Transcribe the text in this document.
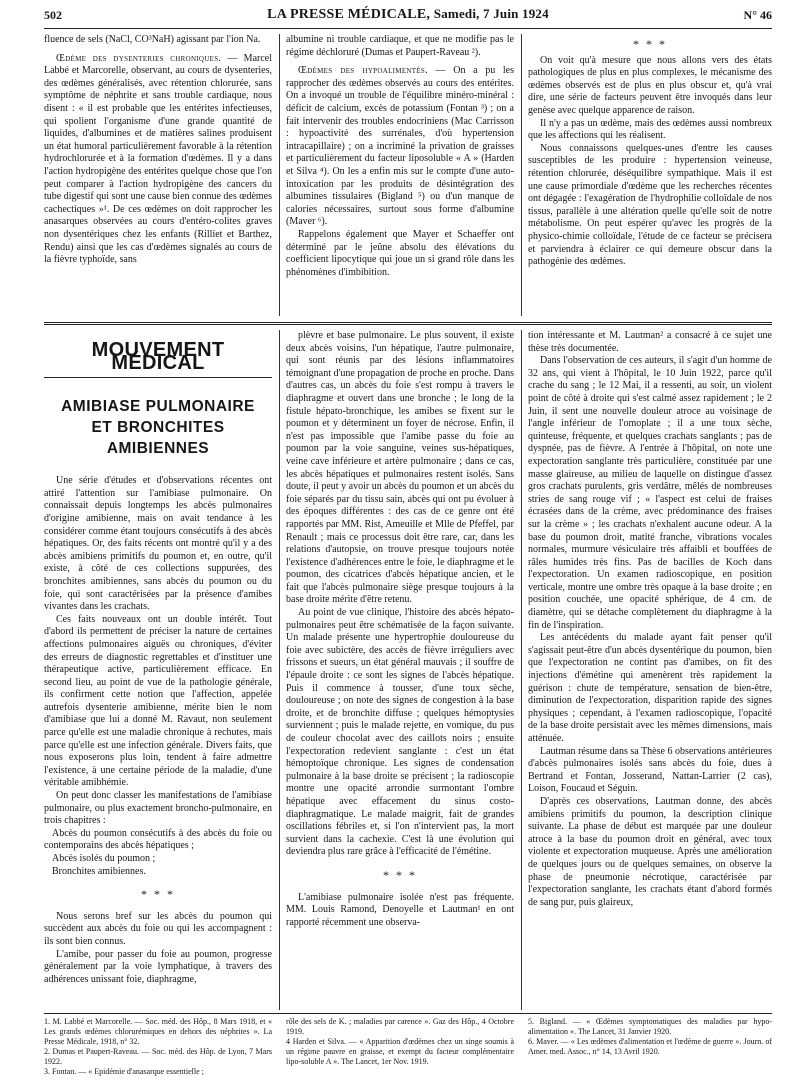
502	LA PRESSE MÉDICALE, Samedi, 7 Juin 1924	N° 46

fluence de sels (NaCl, CO³NaH) agissant par l'ion Na.

Œdème des dysenteries chroniques. — Marcel Labbé et Marcorelle, observant, au cours de dysenteries, des œdèmes généralisés, avec rétention chlorurée, sans symptôme de néphrite et sans trouble cardiaque, nous disent : « il est probable que les entérites infectieuses, qui spolient l'organisme d'une grande quantité de liquides, d'albumines et de matières salines produisent un état humoral particulièrement favorable à la rétention hydrochlorurée et à la formation d'œdèmes. Il y a dans l'action hydropigène des entérites quelque chose que l'on peut comparer à l'action hydropigène des cancers du tube digestif qui sont une cause bien connue des œdèmes cachectiques »¹. De ces œdèmes on doit rapprocher les anasarques observées au cours d'entéro-colites graves non dysentériques chez les enfants (Rilliet et Barthez, Rendu) ainsi que les cas d'œdèmes signalés au cours de la fièvre typhoïde, sans

albumine ni trouble cardiaque, et que ne modifie pas le régime déchloruré (Dumas et Paupert-Raveau ²).

Œdèmes des hypoalimentés. — On a pu les rapprocher des œdèmes observés au cours des entérites. On a invoqué un trouble de l'équilibre minéro-minéral : déficit de calcium, excès de potassium (Fontan ³) ; on a fait intervenir des troubles endocriniens (Mac Carrisson : hypoactivité des surrénales, d'où hypertension intracapillaire) ; on a incriminé la privation de graisses et particulièrement du facteur liposoluble « A » (Harden et Silva ⁴). On les a enfin mis sur le compte d'une auto-intoxication par les produits de désintégration des albumines tissulaires (Bigland ⁵) ou d'un manque de calories nécessaires, surtout sous forme d'albumine (Maver ⁶).

Rappelons également que Mayer et Schaeffer ont déterminé par le jeûne absolu des élévations du coefficient lipocytique qui joue un si grand rôle dans les phénomènes d'imbibition.

* * *

On voit qu'à mesure que nous allons vers des états pathologiques de plus en plus complexes, le mécanisme des œdèmes observés est de plus en plus obscur et, qu'à vrai dire, une série de facteurs peuvent être invoqués dans leur genèse avec quelque apparence de raison.

Il n'y a pas un œdème, mais des œdèmes aussi nombreux que les affections qui les réalisent.

Nous connaissons quelques-unes d'entre les causes susceptibles de les produire : hypertension veineuse, rétention chlorurée, déséquilibre sympathique. Mais il est une cause primordiale d'œdème que les recherches récentes ont dégagée : l'exagération de l'hydrophilie colloïdale de nos tissus, parallèle à une altération quelle qu'elle soit de notre métabolisme. On peut espérer qu'avec les progrès de la physico-chimie colloïdale, l'étude de ce facteur se précisera et parviendra à éclairer ce qui demeure obscur dans la pathogénie des œdèmes.

MOUVEMENT MÉDICAL
AMIBIASE PULMONAIRE
ET BRONCHITES AMIBIENNES

Une série d'études et d'observations récentes ont attiré l'attention sur l'amibiase pulmonaire. On connaissait depuis longtemps les abcès pulmonaires d'origine amibienne, mais on avait tendance à les considérer comme étant toujours consécutifs à des abcès hépatiques. Or, des faits récents ont montré qu'il y a des abcès amibiens primitifs du poumon et, en outre, qu'il existe, à côté de ces collections suppurées, des bronchites amibiennes, sans abcès du poumon ou du foie, qui sont caractérisées par la présence d'amibes vivantes dans les crachats.

Ces faits nouveaux ont un double intérêt. Tout d'abord ils permettent de préciser la nature de certaines affections pulmonaires aiguës ou chroniques, d'éviter des erreurs de diagnostic regrettables et d'instituer une thérapeutique active, particulièrement efficace. En second lieu, au point de vue de la pathologie générale, ils confirment cette notion que l'affection, appelée autrefois dysenterie amibienne, mérite bien le nom d'amibiase que lui a donné M. Ravaut, non seulement parce qu'elle est une maladie chronique à rechutes, mais parce qu'elle est une infection générale. Divers faits, que nous exposerons plus loin, tendent à faire admettre l'existence, à une certaine période de la maladie, d'une véritable amibhémie.

On peut donc classer les manifestations de l'amibiase pulmonaire, ou plus exactement broncho-pulmonaire, en trois chapitres :

Abcès du poumon consécutifs à des abcès du foie ou contemporains des abcès hépatiques ;

Abcès isolés du poumon ;

Bronchites amibiennes.

* * *

Nous serons bref sur les abcès du poumon qui succèdent aux abcès du foie ou qui les accompagnent : ils sont bien connus.

L'amibe, pour passer du foie au poumon, progresse généralement par la voie lymphatique, à travers des adhérences unissant foie, diaphragme,

plèvre et base pulmonaire. Le plus souvent, il existe deux abcès voisins, l'un hépatique, l'autre pulmonaire, qui sont réunis par des lésions inflammatoires témoignant d'une propagation de proche en proche. Dans d'autres cas, un abcès du foie s'est rompu à travers le diaphragme et ouvert dans une bronche ; le long de la fistule hépato-bronchique, les amibes se fixent sur le poumon et y déterminent un foyer de nécrose. Enfin, il n'est pas impossible que l'amibe passe du foie au poumon par la voie sanguine, veines sus-hépatiques, veine cave inférieure et artère pulmonaire ; dans ce cas, les abcès hépatiques et pulmonaires restent isolés. Sans doute, il peut y avoir un abcès du poumon et un abcès du foie séparés par du tissu sain, abcès qui ont pu évoluer à des époques différentes : des cas de ce genre ont été rapportés par MM. Rist, Ameuille et Mlle de Pfeffel, par Renault ; mais ce processus doit être rare, car, dans les relations d'autopsie, on trouve presque toujours notée l'existence d'adhérences entre le foie, le diaphragme et le poumon, des cicatrices d'abcès hépatique ancien, et le fait que l'abcès pulmonaire siège presque toujours à la base droite mérite d'être retenu.

Au point de vue clinique, l'histoire des abcès hépato-pulmonaires peut être schématisée de la façon suivante. Un malade présente une hypertrophie douloureuse du foie avec subictère, des accès de fièvre irréguliers avec frissons et sueurs, un état général mauvais ; il souffre de l'épaule droite : ce sont les signes de l'abcès hépatique. Puis il commence à tousser, d'une toux sèche, douloureuse ; on note des signes de congestion à la base droite, et de bronchite diffuse ; quelques hémoptysies surviennent ; puis le malade rejette, en vomique, du pus de couleur chocolat avec des caillots noirs ; ensuite l'expectoration redevient sanglante : c'est un état hémoptoïque chronique. Les signes de condensation pulmonaire à la base droite se précisent ; la radioscopie montre une opacité arrondie surmontant l'ombre hépatique avec effacement du sinus costo-diaphragmatique. Le malade maigrit, fait de grandes oscillations fébriles et, si l'on n'intervient pas, la mort survient dans la cachexie. C'est là une évolution qui deviendra plus rare grâce à l'efficacité de l'émétine.

* * *

L'amibiase pulmonaire isolée n'est pas fréquente. MM. Louis Ramond, Denoyelle et Lautman¹ en ont rapporté récemment une observa-

tion intéressante et M. Lautman² a consacré à ce sujet une thèse très documentée.

Dans l'observation de ces auteurs, il s'agit d'un homme de 32 ans, qui vient à l'hôpital, le 10 Juin 1922, parce qu'il crache du sang ; le 12 Mai, il a ressenti, au soir, un violent point de côté à droite qui s'est calmé assez rapidement ; le 2 Juin, il sent une nouvelle douleur atroce au voisinage de l'angle inférieur de l'omoplate ; il a une toux sèche, quinteuse, fréquente, et quelques crachats sanglants ; pas de dyspnée, pas de fièvre. A l'entrée à l'hôpital, on note une expectoration sanglante très particulière, constituée par une masse glaireuse, au milieu de laquelle on distingue d'assez gros crachats purulents, gris verdâtre, mêlés de nombreuses stries de sang rouge vif ; « l'aspect est celui de fraises écrasées dans de la crème, avec prédominance des fraises sur la crème » ; les crachats n'exhalent aucune odeur. A la base du poumon droit, matité franche, vibrations vocales normales, murmure vésiculaire très affaibli et bouffées de râles humides très fins. Pas de bacilles de Koch dans l'expectoration. Un examen radioscopique, en position verticale, montre une ombre très opaque à la base droite ; en position couchée, une opacité sphérique, de 4 cm. de diamètre, qui se détache complètement du diaphragme à la fin de l'inspiration.

Les antécédents du malade ayant fait penser qu'il s'agissait peut-être d'un abcès dysentérique du poumon, bien que l'expectoration ne contint pas d'amibes, on fit des injections d'émétine qui amenèrent très rapidement la guérison : chute de température, sensation de bien-être, diminution de l'expectoration, disparition rapide des signes physiques ; cependant, à l'examen radioscopique, l'opacité de la base droite persistait avec les mêmes dimensions, mais atténuée.

Lautman résume dans sa Thèse 6 observations antérieures d'abcès pulmonaires isolés sans abcès du foie, dues à Bertrand et Fontan, Josserand, Nattan-Larrier (2 cas), Loison, Foucaud et Séguin.

D'après ces observations, Lautman donne, des abcès amibiens primitifs du poumon, la description clinique suivante. La phase de début est marquée par une douleur atroce à la base du poumon droit en général, avec toux violente et expectoration muqueuse. Après une amélioration de quelques jours ou de quelques semaines, on observe la phase de pneumonie nécrotique, caractérisée par l'expectoration sanglante, les crachats étant d'abord formés de sang pur, puis glaireux,

1. M. Labbé et Marcorelle. — Soc. méd. des Hôp., 8 Mars 1918, et « Les grands œdèmes chlorurémiques en dehors des néphrites ». La Presse Médicale, 1918, n° 32.

2. Dumas et Paupert-Raveau. — Soc. méd. des Hôp. de Lyon, 7 Mars 1922.

3. Fontan. — « Epidémie d'anasarque essentielle ;

rôle des sels de K. ; maladies par carence ». Gaz des Hôp., 4 Octobre 1919.

4 Harden et Silva. — « Apparition d'œdèmes chez un singe soumis à un régime pauvre en graisse, et exempt du facteur complémentaire lipo-soluble A ». The Lancet, 1er Nov. 1919.

5. Bigland. — « Œdèmes symptomatiques des maladies par hypo-alimentation ». The Lancet, 31 Janvier 1920.

6. Maver. — « Les œdèmes d'alimentation et l'œdème de guerre ». Journ. of Amer. med. Assoc., n° 14, 13 Avril 1920.
